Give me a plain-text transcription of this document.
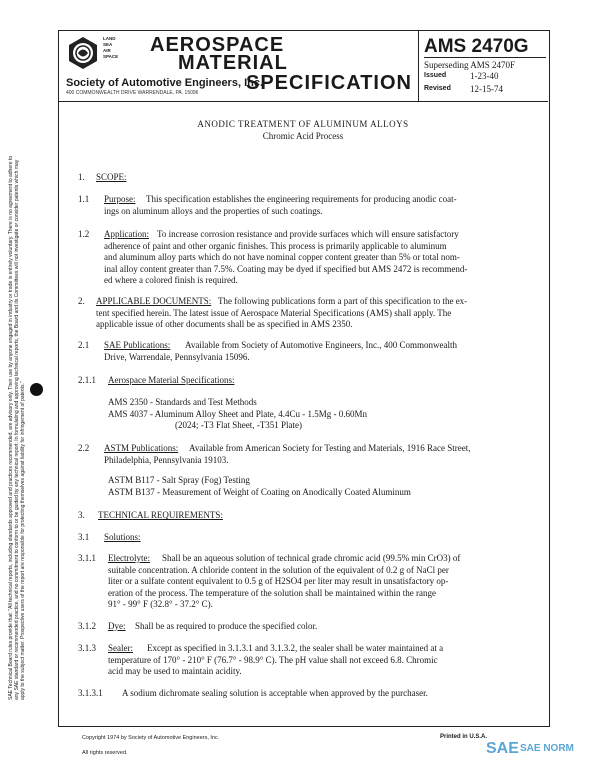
LAND
SEA
AIR
SPACE
AEROSPACE
MATERIAL
SPECIFICATION
Society of Automotive Engineers, Inc.
400 COMMONWEALTH DRIVE WARRENDALE, PA. 15096
AMS 2470G
Superseding AMS 2470F
Issued	1-23-40
Revised 12-15-74
ANODIC TREATMENT OF ALUMINUM ALLOYS
Chromic Acid Process
SAE Technical Board rules provide that: "All technical reports, including standards approved and practices recommended, are advisory only. Their use by anyone engaged in industry or trade is entirely voluntary. There is no agreement to adhere to any SAE standard or recommended practice, and no commitment to conform to or be guided by any technical report. In formulating and approving technical reports, the Board and its Committees will not investigate or consider patents which may apply to the subject matter. Prospective users of the report are responsible for protecting themselves against liability for infringement of patents."
1. SCOPE:
1.1 Purpose: This specification establishes the engineering requirements for producing anodic coat-
ings on aluminum alloys and the properties of such coatings.
1.2 Application: To increase corrosion resistance and provide surfaces which will ensure satisfactory
adherence of paint and other organic finishes. This process is primarily applicable to aluminum
and aluminum alloy parts which do not have nominal copper content greater than 5% or total nom-
inal alloy content greater than 7.5%. Coating may be dyed if specified but AMS 2472 is recommend-
ed where a colored finish is required.
2. APPLICABLE DOCUMENTS: The following publications form a part of this specification to the ex-
tent specified herein. The latest issue of Aerospace Material Specifications (AMS) shall apply. The
applicable issue of other documents shall be as specified in AMS 2350.
2.1 SAE Publications: Available from Society of Automotive Engineers, Inc., 400 Commonwealth
Drive, Warrendale, Pennsylvania 15096.
2.1.1 Aerospace Material Specifications:
AMS 2350 - Standards and Test Methods
AMS 4037 - Aluminum Alloy Sheet and Plate, 4.4Cu - 1.5Mg - 0.60Mn
(2024; -T3 Flat Sheet, -T351 Plate)
2.2 ASTM Publications: Available from American Society for Testing and Materials, 1916 Race Street,
Philadelphia, Pennsylvania 19103.
ASTM B117 - Salt Spray (Fog) Testing
ASTM B137 - Measurement of Weight of Coating on Anodically Coated Aluminum
3. TECHNICAL REQUIREMENTS:
3.1 Solutions:
3.1.1 Electrolyte: Shall be an aqueous solution of technical grade chromic acid (99.5% min CrO3) of
suitable concentration. A chloride content in the solution of the equivalent of 0.2 g of NaCl per
liter or a sulfate content equivalent to 0.5 g of H2SO4 per liter may result in unsatisfactory op-
eration of the process. The temperature of the solution shall be maintained within the range
91° - 99° F (32.8° - 37.2° C).
3.1.2 Dye: Shall be as required to produce the specified color.
3.1.3 Sealer: Except as specified in 3.1.3.1 and 3.1.3.2, the sealer shall be water maintained at a
temperature of 170° - 210° F (76.7° - 98.9° C). The pH value shall not exceed 6.8. Chromic
acid may be used to maintain acidity.
3.1.3.1 A sodium dichromate sealing solution is acceptable when approved by the purchaser.
Copyright 1974 by Society of Automotive Engineers, Inc.
All rights reserved.
Printed in U.S.A.
SAE SAE NORM
